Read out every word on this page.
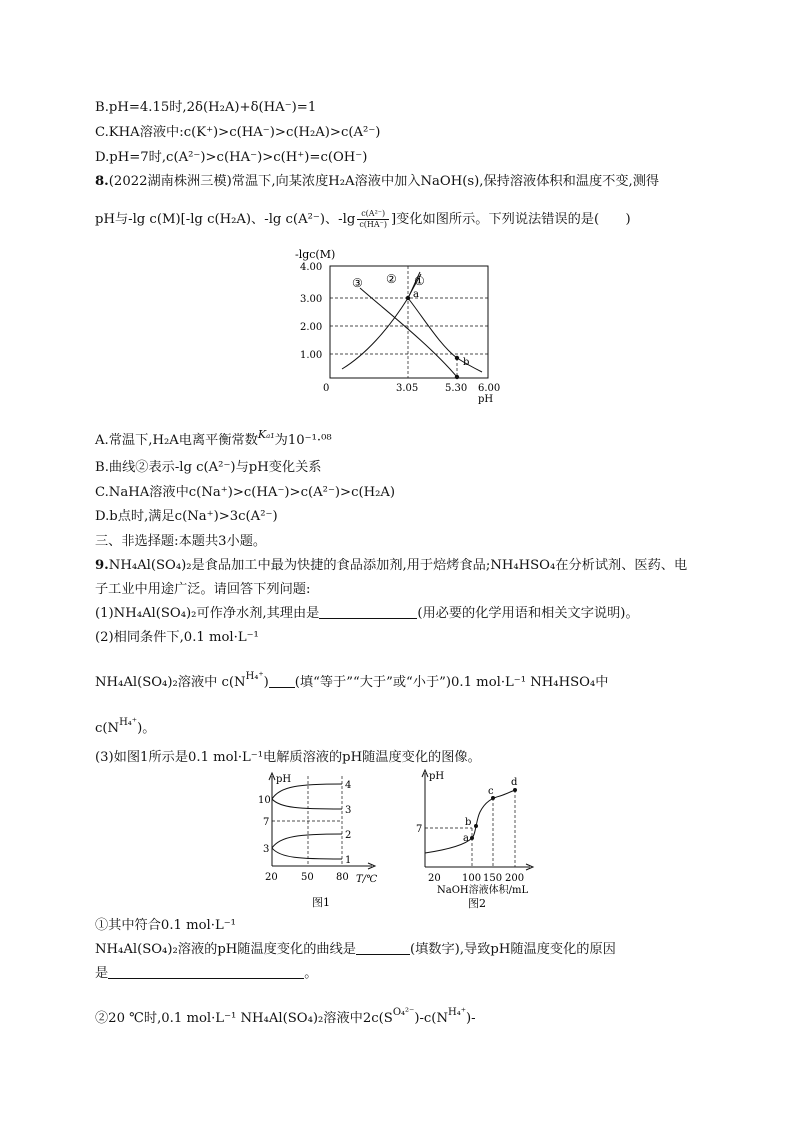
B.pH=4.15时,2δ(H₂A)+δ(HA⁻)=1
C.KHA溶液中:c(K⁺)>c(HA⁻)>c(H₂A)>c(A²⁻)
D.pH=7时,c(A²⁻)>c(HA⁻)>c(H⁺)=c(OH⁻)
8.(2022湖南株洲三模)常温下,向某浓度H₂A溶液中加入NaOH(s),保持溶液体积和温度不变,测得
pH与-lg c(M)[-lg c(H₂A)、-lg c(A²⁻)、$-\lg \frac{\text{c(A²⁻)}}{c(HA^-)}$ ]变化如图所示。下列说法错误的是(　　)
-lgc(M)
4.00
3.00
2.00
1.00
0	3.05	5.30 6.00
pH
③ ② ①
a
b
A.常温下,H₂A电离平衡常数$^{K_{a1}}$为10⁻¹·⁰⁸
B.曲线②表示-lg c(A²⁻)与pH变化关系
C.NaHA溶液中c(Na⁺)>c(HA⁻)>c(A²⁻)>c(H₂A)
D.b点时,满足c(Na⁺)>3c(A²⁻)
三、非选择题:本题共3小题。
9.NH₄Al(SO₄)₂是食品加工中最为快捷的食品添加剂,用于焙烤食品;NH₄HSO₄在分析试剂、医药、电
子工业中用途广泛。请回答下列问题:
(1)NH₄Al(SO₄)₂可作净水剂,其理由是	(用必要的化学用语和相关文字说明)。
(2)相同条件下,0.1 mol·L⁻¹
NH₄Al(SO₄)₂溶液中 $c(N^{H_4^+})$ (填“等于”“大于”或“小于”)0.1 mol·L⁻¹ NH₄HSO₄中
$c(N^{H_4^+})$。
(3)如图1所示是0.1 mol·L⁻¹电解质溶液的pH随温度变化的图像。
pH
T/℃
10
7
3
20 50 80
4
3
2
1
图1
pH
7
20 100 150 200
NaOH溶液体积/mL
a
b
c
d
图2
①其中符合0.1 mol·L⁻¹
NH₄Al(SO₄)₂溶液的pH随温度变化的曲线是	(填数字),导致pH随温度变化的原因
是	。
②20 ℃时,0.1 mol·L⁻¹ NH₄Al(SO₄)₂溶液中$2c(S^{O_4^{2-}})-c(N^{H_4^+})-$
